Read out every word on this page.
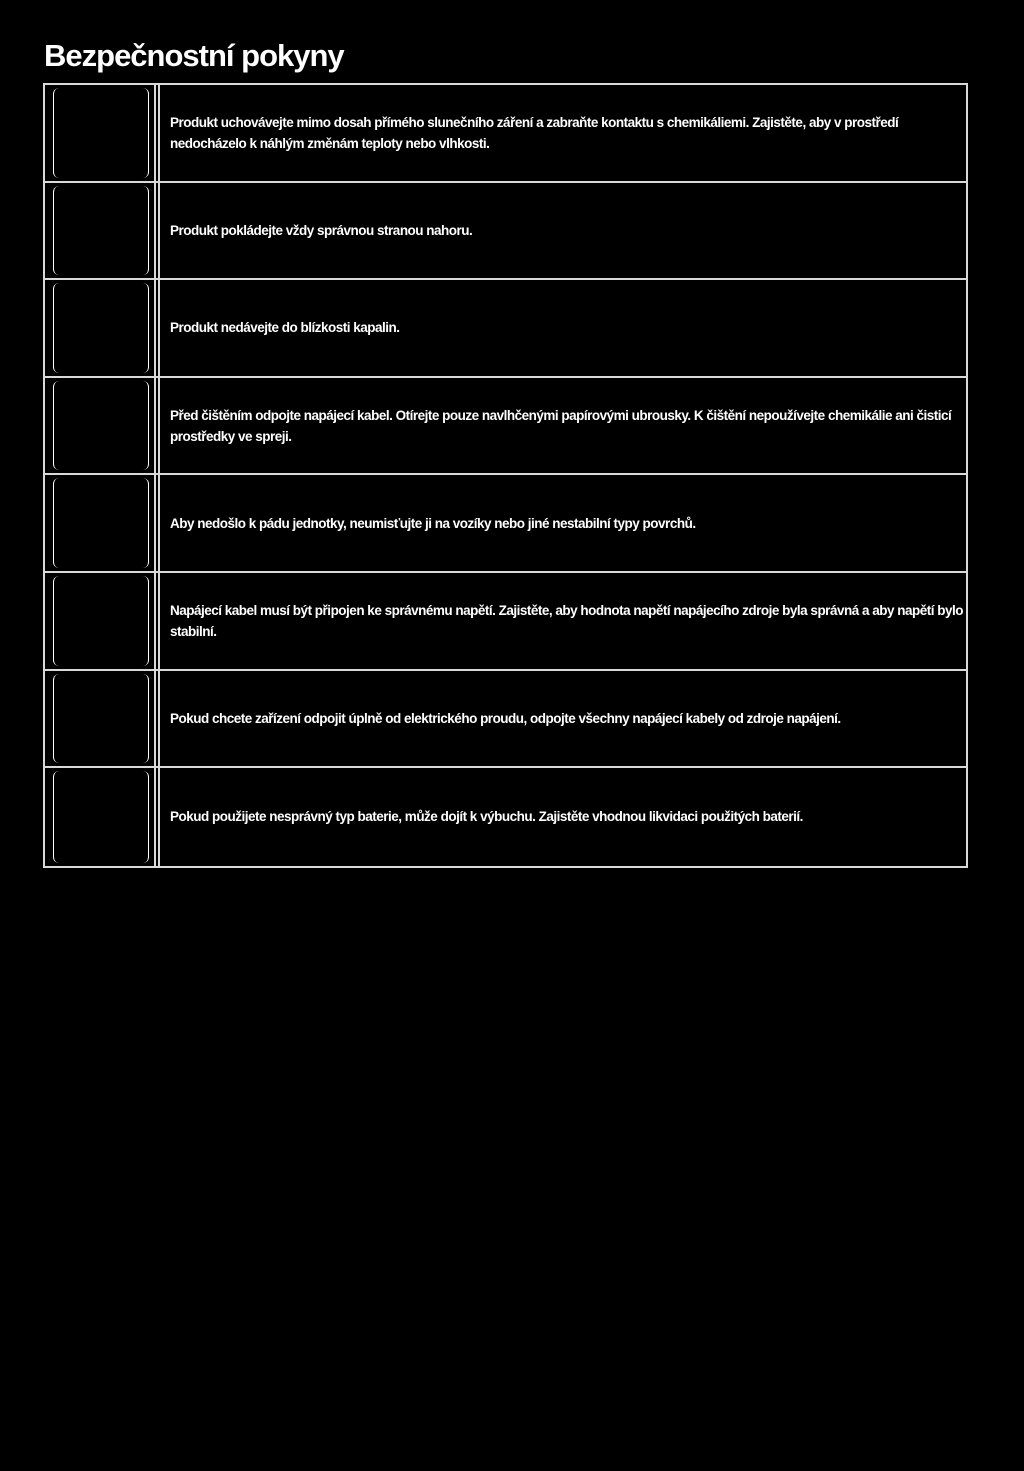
Bezpečnostní pokyny
Produkt uchovávejte mimo dosah přímého slunečního záření a zabraňte kontaktu s chemikáliemi. Zajistěte, aby v prostředí nedocházelo k náhlým změnám teploty nebo vlhkosti.
Produkt pokládejte vždy správnou stranou nahoru.
Produkt nedávejte do blízkosti kapalin.
Před čištěním odpojte napájecí kabel. Otírejte pouze navlhčenými papírovými ubrousky. K čištění nepoužívejte chemikálie ani čisticí prostředky ve spreji.
Aby nedošlo k pádu jednotky, neumisťujte ji na vozíky nebo jiné nestabilní typy povrchů.
Napájecí kabel musí být připojen ke správnému napětí. Zajistěte, aby hodnota napětí napájecího zdroje byla správná a aby napětí bylo stabilní.
Pokud chcete zařízení odpojit úplně od elektrického proudu, odpojte všechny napájecí kabely od zdroje napájení.
Pokud použijete nesprávný typ baterie, může dojít k výbuchu. Zajistěte vhodnou likvidaci použitých baterií.
